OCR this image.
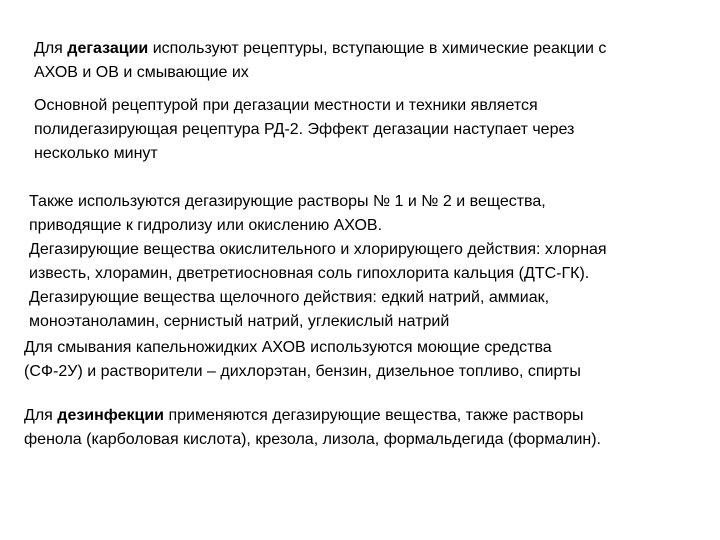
Для дегазации используют рецептуры, вступающие в химические реакции с
АХОВ и ОВ и смывающие их
Основной рецептурой при дегазации местности и техники является
полидегазирующая рецептура РД-2. Эффект дегазации наступает через
несколько минут
Также используются дегазирующие растворы № 1 и № 2 и вещества,
приводящие к гидролизу или окислению АХОВ.
Дегазирующие вещества окислительного и хлорирующего действия: хлорная
известь, хлорамин, дветретиосновная соль гипохлорита кальция (ДТС-ГК).
Дегазирующие вещества щелочного действия: едкий натрий, аммиак,
моноэтаноламин, сернистый натрий, углекислый натрий
Для смывания капельножидких АХОВ используются моющие средства
(СФ-2У) и растворители – дихлорэтан, бензин, дизельное топливо, спирты
Для дезинфекции применяются дегазирующие вещества, также растворы
фенола (карболовая кислота), крезола, лизола, формальдегида (формалин).
